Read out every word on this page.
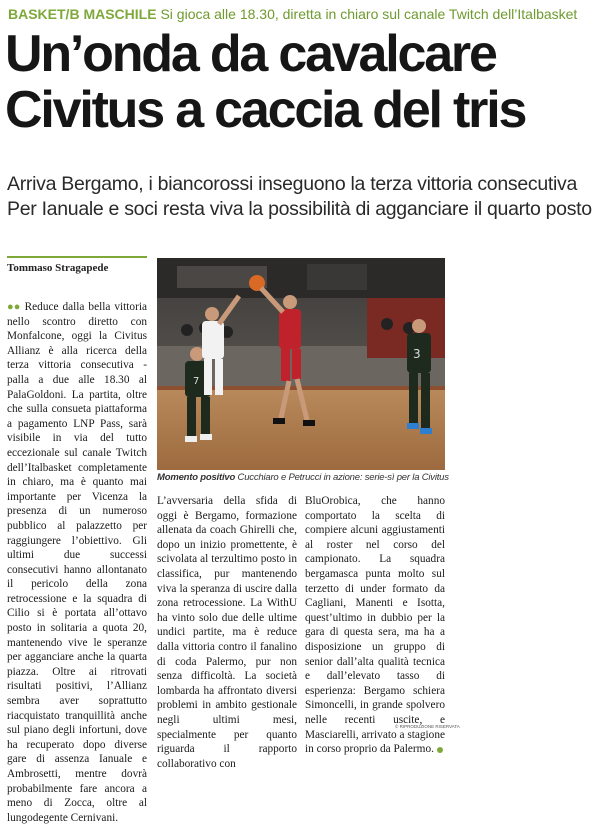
BASKET/B MASCHILE Si gioca alle 18.30, diretta in chiaro sul canale Twitch dell’Italbasket
Un’onda da cavalcare
Civitus a caccia del tris
Arriva Bergamo, i biancorossi inseguono la terza vittoria consecutiva
Per Ianuale e soci resta viva la possibilità di agganciare il quarto posto
Tommaso Stragapede
●● Reduce dalla bella vittoria nello scontro diretto con Monfalcone, oggi la Civitus Allianz è alla ricerca della terza vittoria consecutiva - palla a due alle 18.30 al PalaGoldoni. La partita, oltre che sulla consueta piattaforma a pagamento LNP Pass, sarà visibile in via del tutto eccezionale sul canale Twitch dell’Italbasket completamente in chiaro, ma è quanto mai importante per Vicenza la presenza di un numeroso pubblico al palazzetto per raggiungere l’obiettivo. Gli ultimi due successi consecutivi hanno allontanato il pericolo della zona retrocessione e la squadra di Cilio si è portata all’ottavo posto in solitaria a quota 20, mantenendo vive le speranze per agganciare anche la quarta piazza. Oltre ai ritrovati risultati positivi, l’Allianz sembra aver soprattutto riacquistato tranquillità anche sul piano degli infortuni, dove ha recuperato dopo diverse gare di assenza Ianuale e Ambrosetti, mentre dovrà probabilmente fare ancora a meno di Zocca, oltre al lungodegente Cernivani.
7
3
Momento positivo Cucchiaro e Petrucci in azione: serie-sì per la Civitus
L’avversaria della sfida di oggi è Bergamo, formazione allenata da coach Ghirelli che, dopo un inizio promettente, è scivolata al terzultimo posto in classifica, pur mantenendo viva la speranza di uscire dalla zona retrocessione. La WithU ha vinto solo due delle ultime undici partite, ma è reduce dalla vittoria contro il fanalino di coda Palermo, pur non senza difficoltà. La società lombarda ha affrontato diversi problemi in ambito gestionale negli ultimi mesi, specialmente per quanto riguarda il rapporto collaborativo con
BluOrobica, che hanno comportato la scelta di compiere alcuni aggiustamenti al roster nel corso del campionato. La squadra bergamasca punta molto sul terzetto di under formato da Cagliani, Manenti e Isotta, quest’ultimo in dubbio per la gara di questa sera, ma ha a disposizione un gruppo di senior dall’alta qualità tecnica e dall’elevato tasso di esperienza: Bergamo schiera Simoncelli, in grande spolvero nelle recenti uscite, e Masciarelli, arrivato a stagione in corso proprio da Palermo.
© RIPRODUZIONE RISERVATA
